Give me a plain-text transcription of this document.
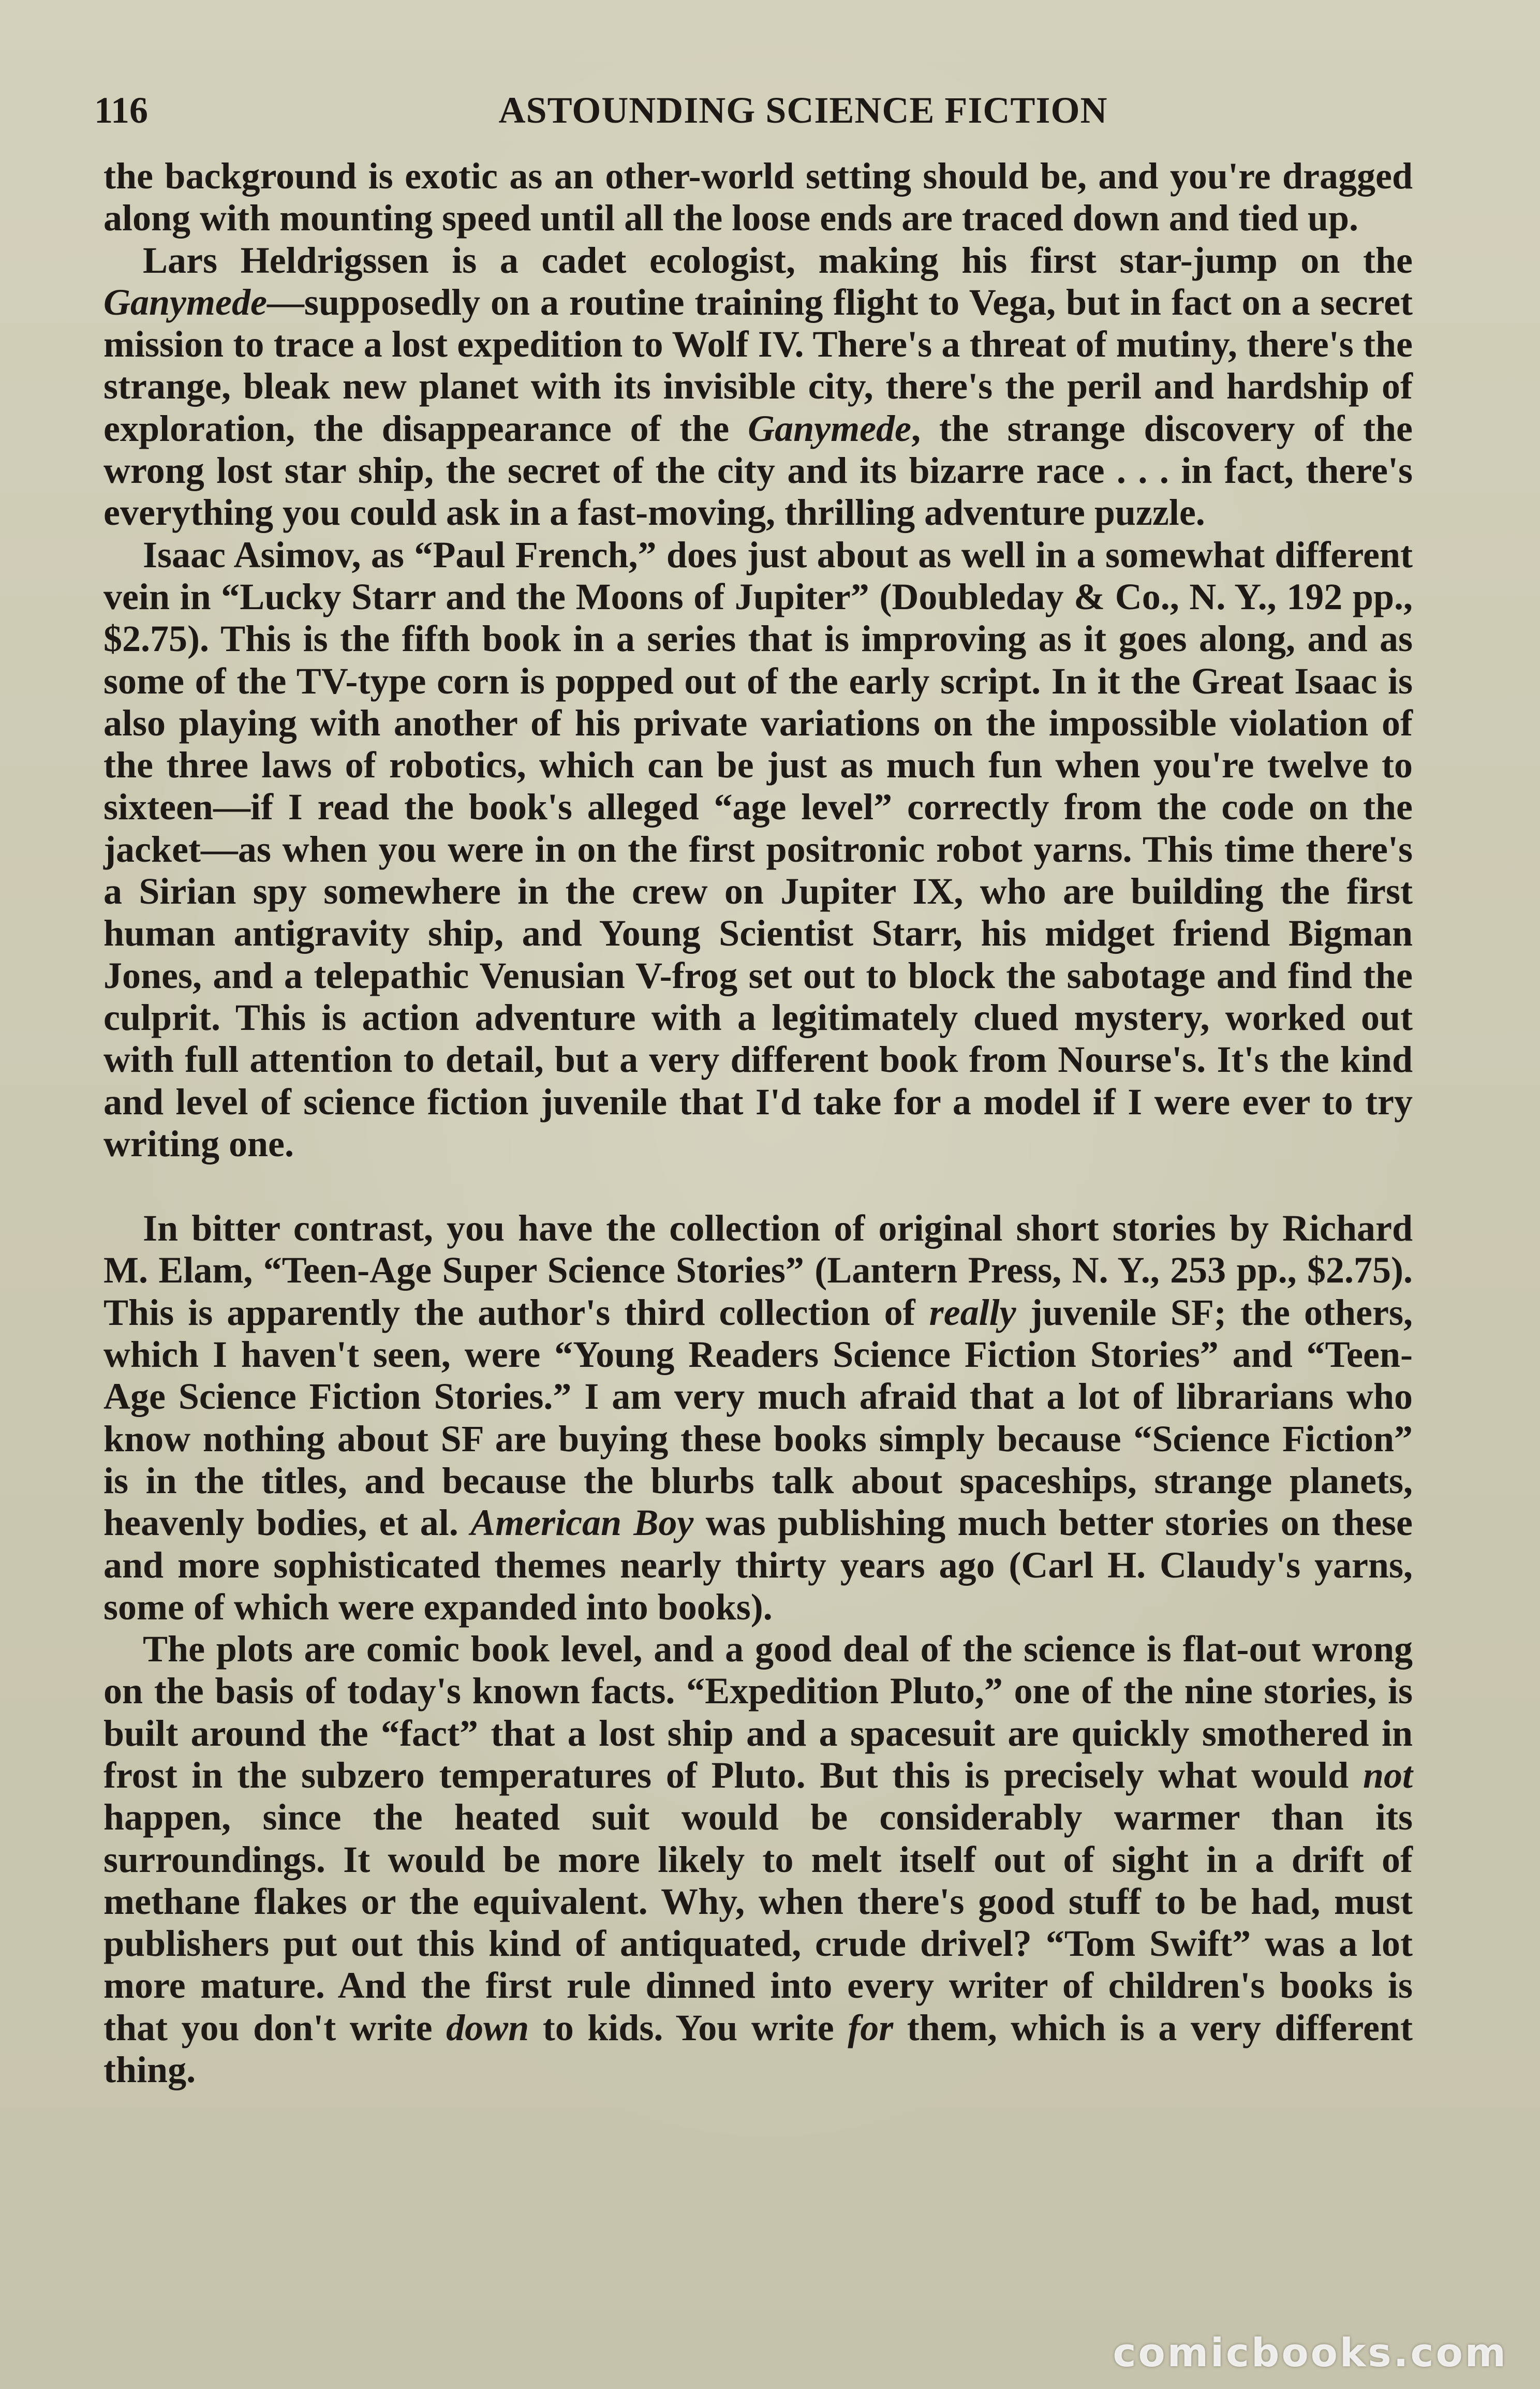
116	ASTOUNDING SCIENCE FICTION

the background is exotic as an other-world setting should be, and you're dragged along with mounting speed until all the loose ends are traced down and tied up.

Lars Heldrigssen is a cadet ecologist, making his first star-jump on the Ganymede—supposedly on a routine training flight to Vega, but in fact on a secret mission to trace a lost expedition to Wolf IV. There's a threat of mutiny, there's the strange, bleak new planet with its invisible city, there's the peril and hardship of exploration, the disappearance of the Ganymede, the strange discovery of the wrong lost star ship, the secret of the city and its bizarre race . . . in fact, there's everything you could ask in a fast-moving, thrilling adventure puzzle.

Isaac Asimov, as “Paul French,” does just about as well in a somewhat different vein in “Lucky Starr and the Moons of Jupiter” (Doubleday & Co., N. Y., 192 pp., $2.75). This is the fifth book in a series that is improving as it goes along, and as some of the TV-type corn is popped out of the early script. In it the Great Isaac is also playing with another of his private variations on the impossible violation of the three laws of robotics, which can be just as much fun when you're twelve to sixteen—if I read the book's alleged “age level” correctly from the code on the jacket—as when you were in on the first positronic robot yarns. This time there's a Sirian spy somewhere in the crew on Jupiter IX, who are building the first human antigravity ship, and Young Scientist Starr, his midget friend Bigman Jones, and a telepathic Venusian V-frog set out to block the sabotage and find the culprit. This is action adventure with a legitimately clued mystery, worked out with full attention to detail, but a very different book from Nourse's. It's the kind and level of science fiction juvenile that I'd take for a model if I were ever to try writing one.

In bitter contrast, you have the collection of original short stories by Richard M. Elam, “Teen-Age Super Science Stories” (Lantern Press, N. Y., 253 pp., $2.75). This is apparently the author's third collection of really juvenile SF; the others, which I haven't seen, were “Young Readers Science Fiction Stories” and “Teen-Age Science Fiction Stories.” I am very much afraid that a lot of librarians who know nothing about SF are buying these books simply because “Science Fiction” is in the titles, and because the blurbs talk about spaceships, strange planets, heavenly bodies, et al. American Boy was publishing much better stories on these and more sophisticated themes nearly thirty years ago (Carl H. Claudy's yarns, some of which were expanded into books).

The plots are comic book level, and a good deal of the science is flat-out wrong on the basis of today's known facts. “Expedition Pluto,” one of the nine stories, is built around the “fact” that a lost ship and a spacesuit are quickly smothered in frost in the subzero temperatures of Pluto. But this is precisely what would not happen, since the heated suit would be considerably warmer than its surroundings. It would be more likely to melt itself out of sight in a drift of methane flakes or the equivalent. Why, when there's good stuff to be had, must publishers put out this kind of antiquated, crude drivel? “Tom Swift” was a lot more mature. And the first rule dinned into every writer of children's books is that you don't write down to kids. You write for them, which is a very different thing.

comicbooks.com
